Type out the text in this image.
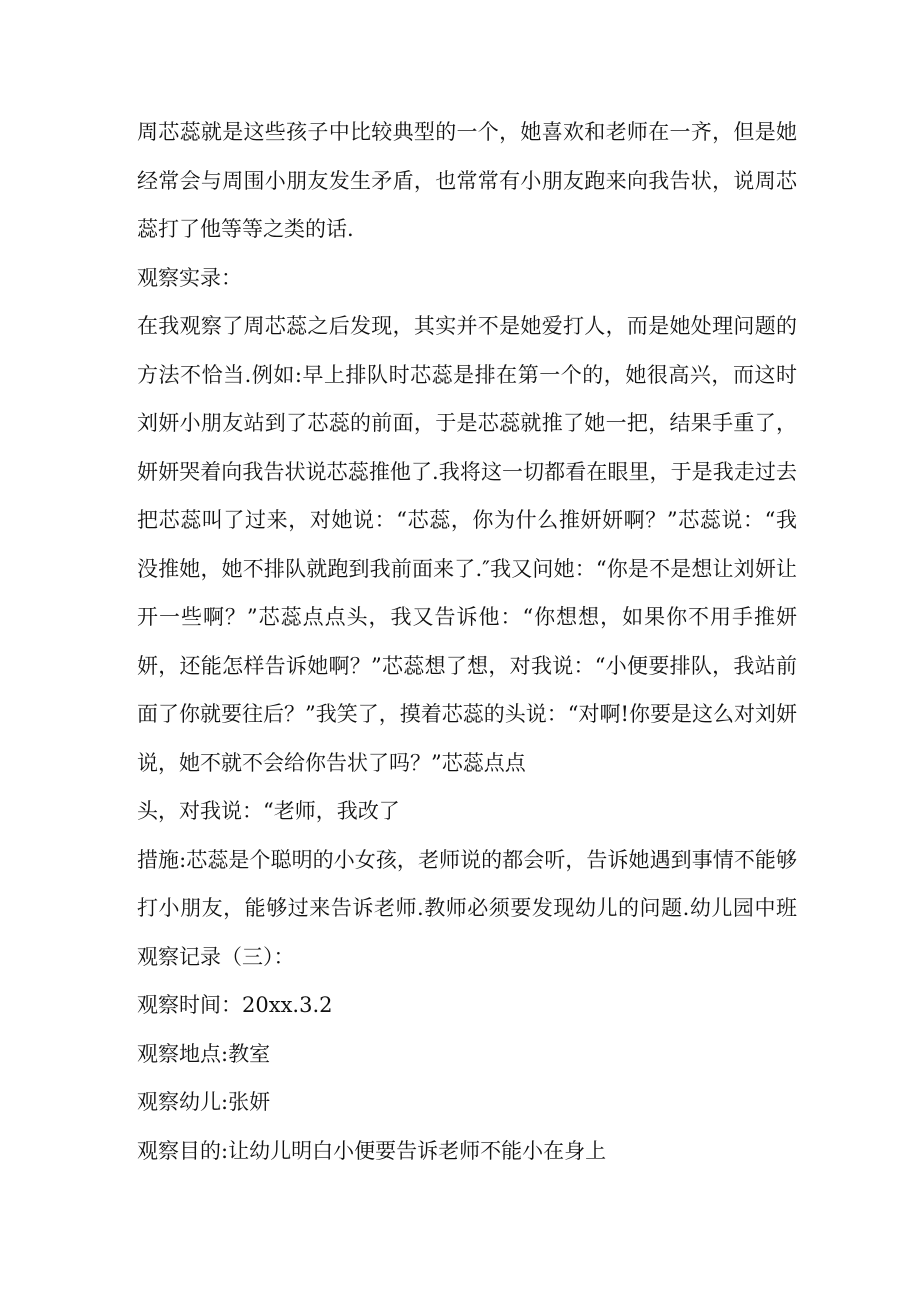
周芯蕊就是这些孩子中比较典型的一个，她喜欢和老师在一齐，但是她经常会与周围小朋友发生矛盾，也常常有小朋友跑来向我告状，说周芯蕊打了他等等之类的话.

观察实录：

在我观察了周芯蕊之后发现，其实并不是她爱打人，而是她处理问题的方法不恰当.例如:早上排队时芯蕊是排在第一个的，她很高兴，而这时刘妍小朋友站到了芯蕊的前面，于是芯蕊就推了她一把，结果手重了，妍妍哭着向我告状说芯蕊推他了.我将这一切都看在眼里，于是我走过去把芯蕊叫了过来，对她说：“芯蕊，你为什么推妍妍啊？”芯蕊说：“我没推她，她不排队就跑到我前面来了.″我又问她：“你是不是想让刘妍让开一些啊？”芯蕊点点头，我又告诉他：“你想想，如果你不用手推妍妍，还能怎样告诉她啊？”芯蕊想了想，对我说：“小便要排队，我站前面了你就要往后？”我笑了，摸着芯蕊的头说：“对啊!你要是这么对刘妍说，她不就不会给你告状了吗？”芯蕊点点

头，对我说：“老师，我改了

措施:芯蕊是个聪明的小女孩，老师说的都会听，告诉她遇到事情不能够打小朋友，能够过来告诉老师.教师必须要发现幼儿的问题.幼儿园中班观察记录（三）：

观察时间：20xx.3.2

观察地点:教室

观察幼儿:张妍

观察目的:让幼儿明白小便要告诉老师不能小在身上
